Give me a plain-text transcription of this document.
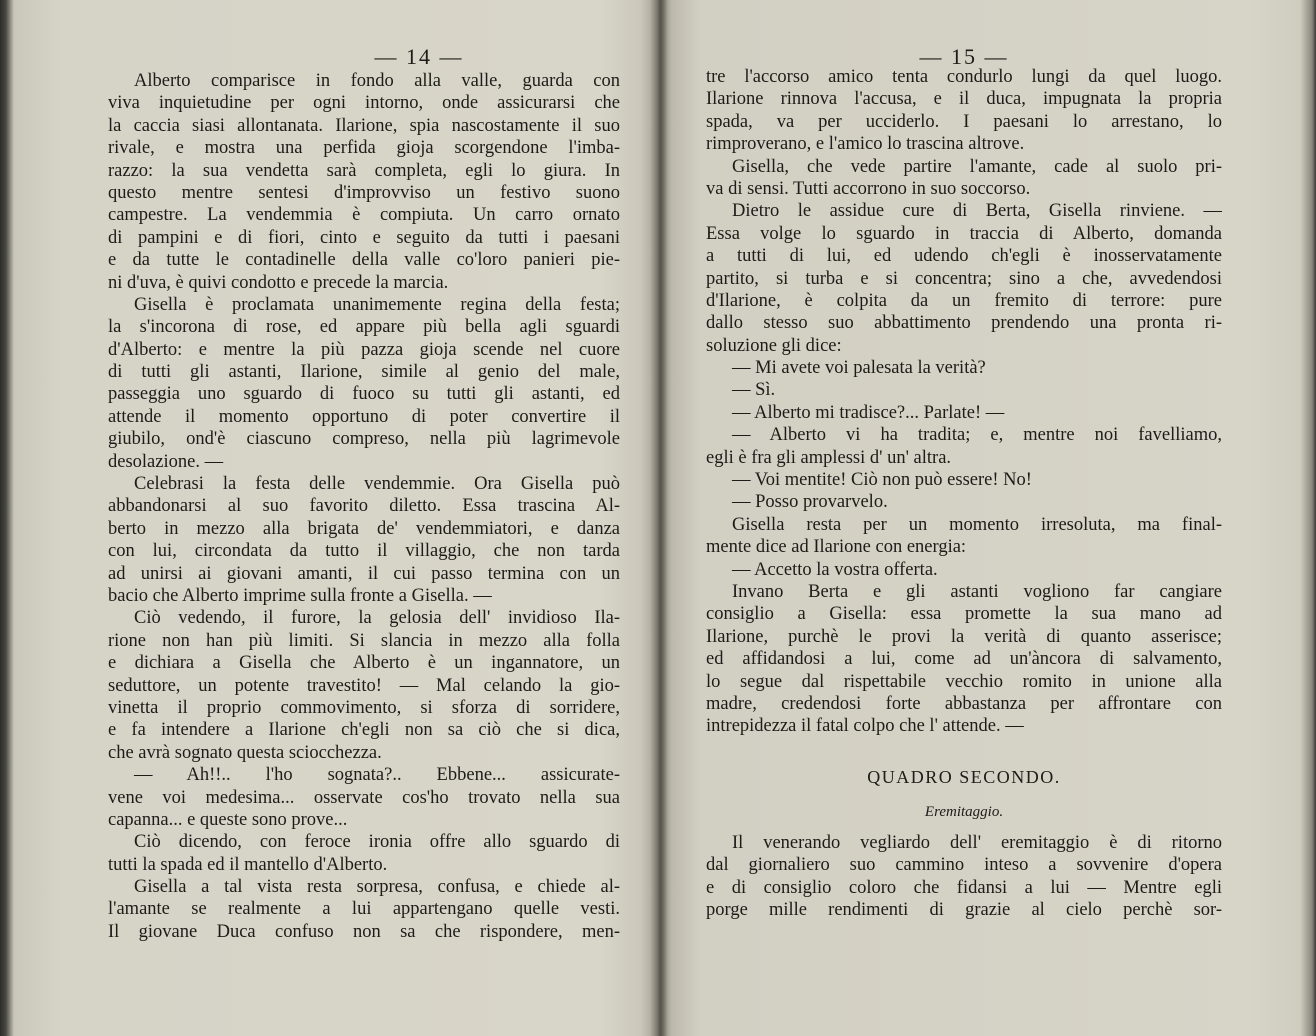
— 14 —
Alberto comparisce in fondo alla valle, guarda con
viva inquietudine per ogni intorno, onde assicurarsi che
la caccia siasi allontanata. Ilarione, spia nascostamente il suo
rivale, e mostra una perfida gioja scorgendone l'imba-
razzo: la sua vendetta sarà completa, egli lo giura. In
questo mentre sentesi d'improvviso un festivo suono
campestre. La vendemmia è compiuta. Un carro ornato
di pampini e di fiori, cinto e seguito da tutti i paesani
e da tutte le contadinelle della valle co'loro panieri pie-
ni d'uva, è quivi condotto e precede la marcia.
Gisella è proclamata unanimemente regina della festa;
la s'incorona di rose, ed appare più bella agli sguardi
d'Alberto: e mentre la più pazza gioja scende nel cuore
di tutti gli astanti, Ilarione, simile al genio del male,
passeggia uno sguardo di fuoco su tutti gli astanti, ed
attende il momento opportuno di poter convertire il
giubilo, ond'è ciascuno compreso, nella più lagrimevole
desolazione. —
Celebrasi la festa delle vendemmie. Ora Gisella può
abbandonarsi al suo favorito diletto. Essa trascina Al-
berto in mezzo alla brigata de' vendemmiatori, e danza
con lui, circondata da tutto il villaggio, che non tarda
ad unirsi ai giovani amanti, il cui passo termina con un
bacio che Alberto imprime sulla fronte a Gisella. —
Ciò vedendo, il furore, la gelosia dell' invidioso Ila-
rione non han più limiti. Si slancia in mezzo alla folla
e dichiara a Gisella che Alberto è un ingannatore, un
seduttore, un potente travestito! — Mal celando la gio-
vinetta il proprio commovimento, si sforza di sorridere,
e fa intendere a Ilarione ch'egli non sa ciò che si dica,
che avrà sognato questa sciocchezza.
— Ah!!.. l'ho sognata?.. Ebbene... assicurate-
vene voi medesima... osservate cos'ho trovato nella sua
capanna... e queste sono prove...
Ciò dicendo, con feroce ironia offre allo sguardo di
tutti la spada ed il mantello d'Alberto.
Gisella a tal vista resta sorpresa, confusa, e chiede al-
l'amante se realmente a lui appartengano quelle vesti.
Il giovane Duca confuso non sa che rispondere, men-
— 15 —
tre l'accorso amico tenta condurlo lungi da quel luogo.
Ilarione rinnova l'accusa, e il duca, impugnata la propria
spada, va per ucciderlo. I paesani lo arrestano, lo
rimproverano, e l'amico lo trascina altrove.
Gisella, che vede partire l'amante, cade al suolo pri-
va di sensi. Tutti accorrono in suo soccorso.
Dietro le assidue cure di Berta, Gisella rinviene. —
Essa volge lo sguardo in traccia di Alberto, domanda
a tutti di lui, ed udendo ch'egli è inosservatamente
partito, si turba e si concentra; sino a che, avvedendosi
d'Ilarione, è colpita da un fremito di terrore: pure
dallo stesso suo abbattimento prendendo una pronta ri-
soluzione gli dice:
— Mi avete voi palesata la verità?
— Sì.
— Alberto mi tradisce?... Parlate! —
— Alberto vi ha tradita; e, mentre noi favelliamo,
egli è fra gli amplessi d' un' altra.
— Voi mentite! Ciò non può essere! No!
— Posso provarvelo.
Gisella resta per un momento irresoluta, ma final-
mente dice ad Ilarione con energia:
— Accetto la vostra offerta.
Invano Berta e gli astanti vogliono far cangiare
consiglio a Gisella: essa promette la sua mano ad
Ilarione, purchè le provi la verità di quanto asserisce;
ed affidandosi a lui, come ad un'àncora di salvamento,
lo segue dal rispettabile vecchio romito in unione alla
madre, credendosi forte abbastanza per affrontare con
intrepidezza il fatal colpo che l' attende. —
QUADRO SECONDO.
Eremitaggio.
Il venerando vegliardo dell' eremitaggio è di ritorno
dal giornaliero suo cammino inteso a sovvenire d'opera
e di consiglio coloro che fidansi a lui — Mentre egli
porge mille rendimenti di grazie al cielo perchè sor-
